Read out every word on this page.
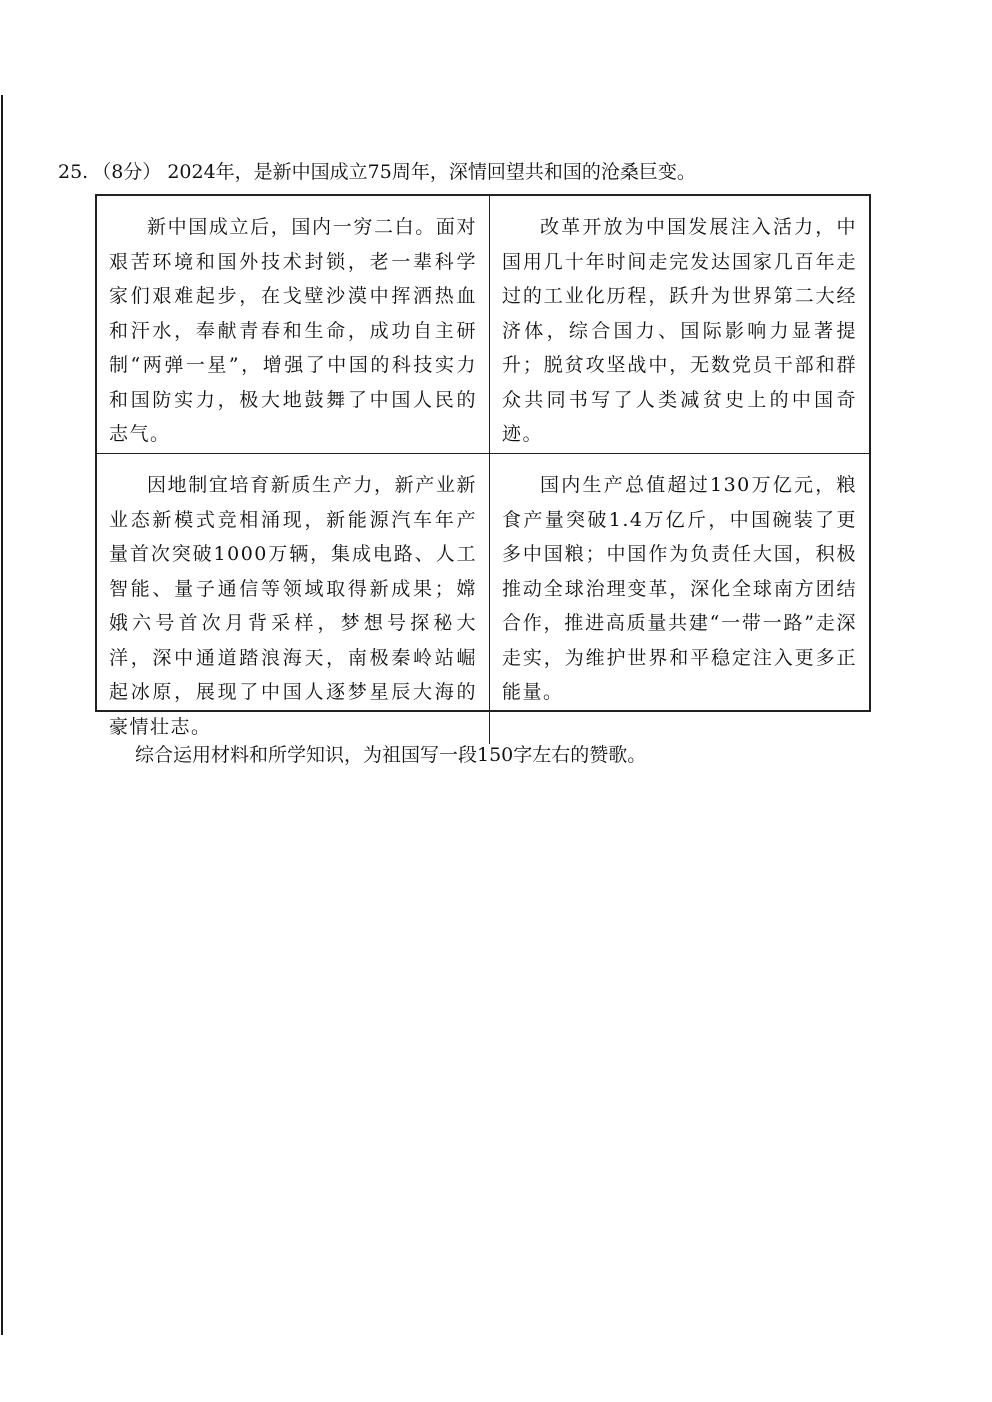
25. （8分） 2024年，是新中国成立75周年，深情回望共和国的沧桑巨变。
新中国成立后，国内一穷二白。面对艰苦环境和国外技术封锁，老一辈科学家们艰难起步，在戈壁沙漠中挥洒热血和汗水，奉献青春和生命，成功自主研制“两弹一星”，增强了中国的科技实力和国防实力，极大地鼓舞了中国人民的志气。
改革开放为中国发展注入活力，中国用几十年时间走完发达国家几百年走过的工业化历程，跃升为世界第二大经济体，综合国力、国际影响力显著提升；脱贫攻坚战中，无数党员干部和群众共同书写了人类减贫史上的中国奇迹。
因地制宜培育新质生产力，新产业新业态新模式竞相涌现，新能源汽车年产量首次突破1000万辆，集成电路、人工智能、量子通信等领域取得新成果；嫦娥六号首次月背采样，梦想号探秘大洋，深中通道踏浪海天，南极秦岭站崛起冰原，展现了中国人逐梦星辰大海的豪情壮志。
国内生产总值超过130万亿元，粮食产量突破1.4万亿斤，中国碗装了更多中国粮；中国作为负责任大国，积极推动全球治理变革，深化全球南方团结合作，推进高质量共建“一带一路”走深走实，为维护世界和平稳定注入更多正能量。
综合运用材料和所学知识，为祖国写一段150字左右的赞歌。
